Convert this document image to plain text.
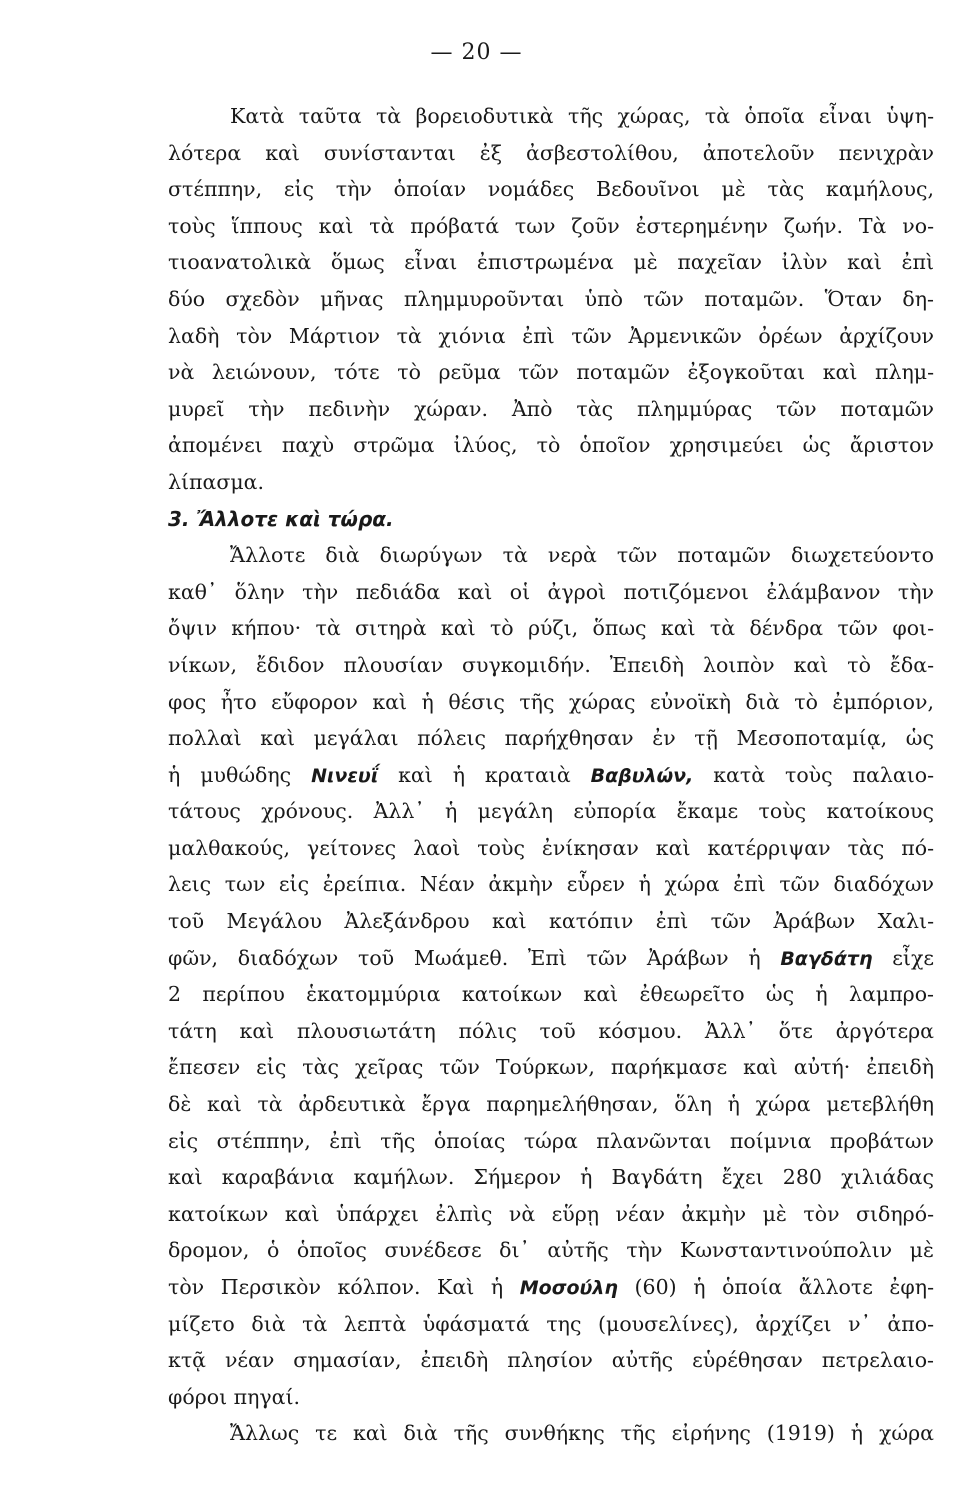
— 20 —
Κατὰ ταῦτα τὰ βορειοδυτικὰ τῆς χώρας, τὰ ὁποῖα εἶναι ὑψη-
λότερα καὶ συνίστανται ἐξ ἀσβεστολίθου, ἀποτελοῦν πενιχρὰν
στέππην, εἰς τὴν ὁποίαν νομάδες Βεδουῖνοι μὲ τὰς καμήλους,
τοὺς ἵππους καὶ τὰ πρόβατά των ζοῦν ἐστερημένην ζωήν. Τὰ νο-
τιοανατολικὰ ὅμως εἶναι ἐπιστρωμένα μὲ παχεῖαν ἰλὺν καὶ ἐπὶ
δύο σχεδὸν μῆνας πλημμυροῦνται ὑπὸ τῶν ποταμῶν. Ὅταν δη-
λαδὴ τὸν Μάρτιον τὰ χιόνια ἐπὶ τῶν Ἀρμενικῶν ὀρέων ἀρχίζουν
νὰ λειώνουν, τότε τὸ ρεῦμα τῶν ποταμῶν ἐξογκοῦται καὶ πλημ-
μυρεῖ τὴν πεδινὴν χώραν. Ἀπὸ τὰς πλημμύρας τῶν ποταμῶν
ἀπομένει παχὺ στρῶμα ἰλύος, τὸ ὁποῖον χρησιμεύει ὡς ἄριστον
λίπασμα.
3. Ἄλλοτε καὶ τώρα.
Ἄλλοτε διὰ διωρύγων τὰ νερὰ τῶν ποταμῶν διωχετεύοντο
καθ᾿ ὅλην τὴν πεδιάδα καὶ οἱ ἀγροὶ ποτιζόμενοι ἐλάμβανον τὴν
ὄψιν κήπου· τὰ σιτηρὰ καὶ τὸ ρύζι, ὅπως καὶ τὰ δένδρα τῶν φοι-
νίκων, ἔδιδον πλουσίαν συγκομιδήν. Ἐπειδὴ λοιπὸν καὶ τὸ ἔδα-
φος ἦτο εὔφορον καὶ ἡ θέσις τῆς χώρας εὐνοϊκὴ διὰ τὸ ἐμπόριον,
πολλαὶ καὶ μεγάλαι πόλεις παρήχθησαν ἐν τῇ Μεσοποταμίᾳ, ὡς
ἡ μυθώδης Νινευΐ καὶ ἡ κραταιὰ Βαβυλών, κατὰ τοὺς παλαιο-
τάτους χρόνους. Ἀλλ᾿ ἡ μεγάλη εὐπορία ἔκαμε τοὺς κατοίκους
μαλθακούς, γείτονες λαοὶ τοὺς ἐνίκησαν καὶ κατέρριψαν τὰς πό-
λεις των εἰς ἐρείπια. Νέαν ἀκμὴν εὗρεν ἡ χώρα ἐπὶ τῶν διαδόχων
τοῦ Μεγάλου Ἀλεξάνδρου καὶ κατόπιν ἐπὶ τῶν Ἀράβων Χαλι-
φῶν, διαδόχων τοῦ Μωάμεθ. Ἐπὶ τῶν Ἀράβων ἡ Βαγδάτη εἶχε
2 περίπου ἑκατομμύρια κατοίκων καὶ ἐθεωρεῖτο ὡς ἡ λαμπρο-
τάτη καὶ πλουσιωτάτη πόλις τοῦ κόσμου. Ἀλλ᾿ ὅτε ἀργότερα
ἔπεσεν εἰς τὰς χεῖρας τῶν Τούρκων, παρήκμασε καὶ αὐτή· ἐπειδὴ
δὲ καὶ τὰ ἀρδευτικὰ ἔργα παρημελήθησαν, ὅλη ἡ χώρα μετεβλήθη
εἰς στέππην, ἐπὶ τῆς ὁποίας τώρα πλανῶνται ποίμνια προβάτων
καὶ καραβάνια καμήλων. Σήμερον ἡ Βαγδάτη ἔχει 280 χιλιάδας
κατοίκων καὶ ὑπάρχει ἐλπὶς νὰ εὕρῃ νέαν ἀκμὴν μὲ τὸν σιδηρό-
δρομον, ὁ ὁποῖος συνέδεσε δι᾿ αὐτῆς τὴν Κωνσταντινούπολιν μὲ
τὸν Περσικὸν κόλπον. Καὶ ἡ Μοσούλη (60) ἡ ὁποία ἄλλοτε ἐφη-
μίζετο διὰ τὰ λεπτὰ ὑφάσματά της (μουσελίνες), ἀρχίζει ν᾿ ἀπο-
κτᾷ νέαν σημασίαν, ἐπειδὴ πλησίον αὐτῆς εὑρέθησαν πετρελαιο-
φόροι πηγαί.
Ἄλλως τε καὶ διὰ τῆς συνθήκης τῆς εἰρήνης (1919) ἡ χώρα
